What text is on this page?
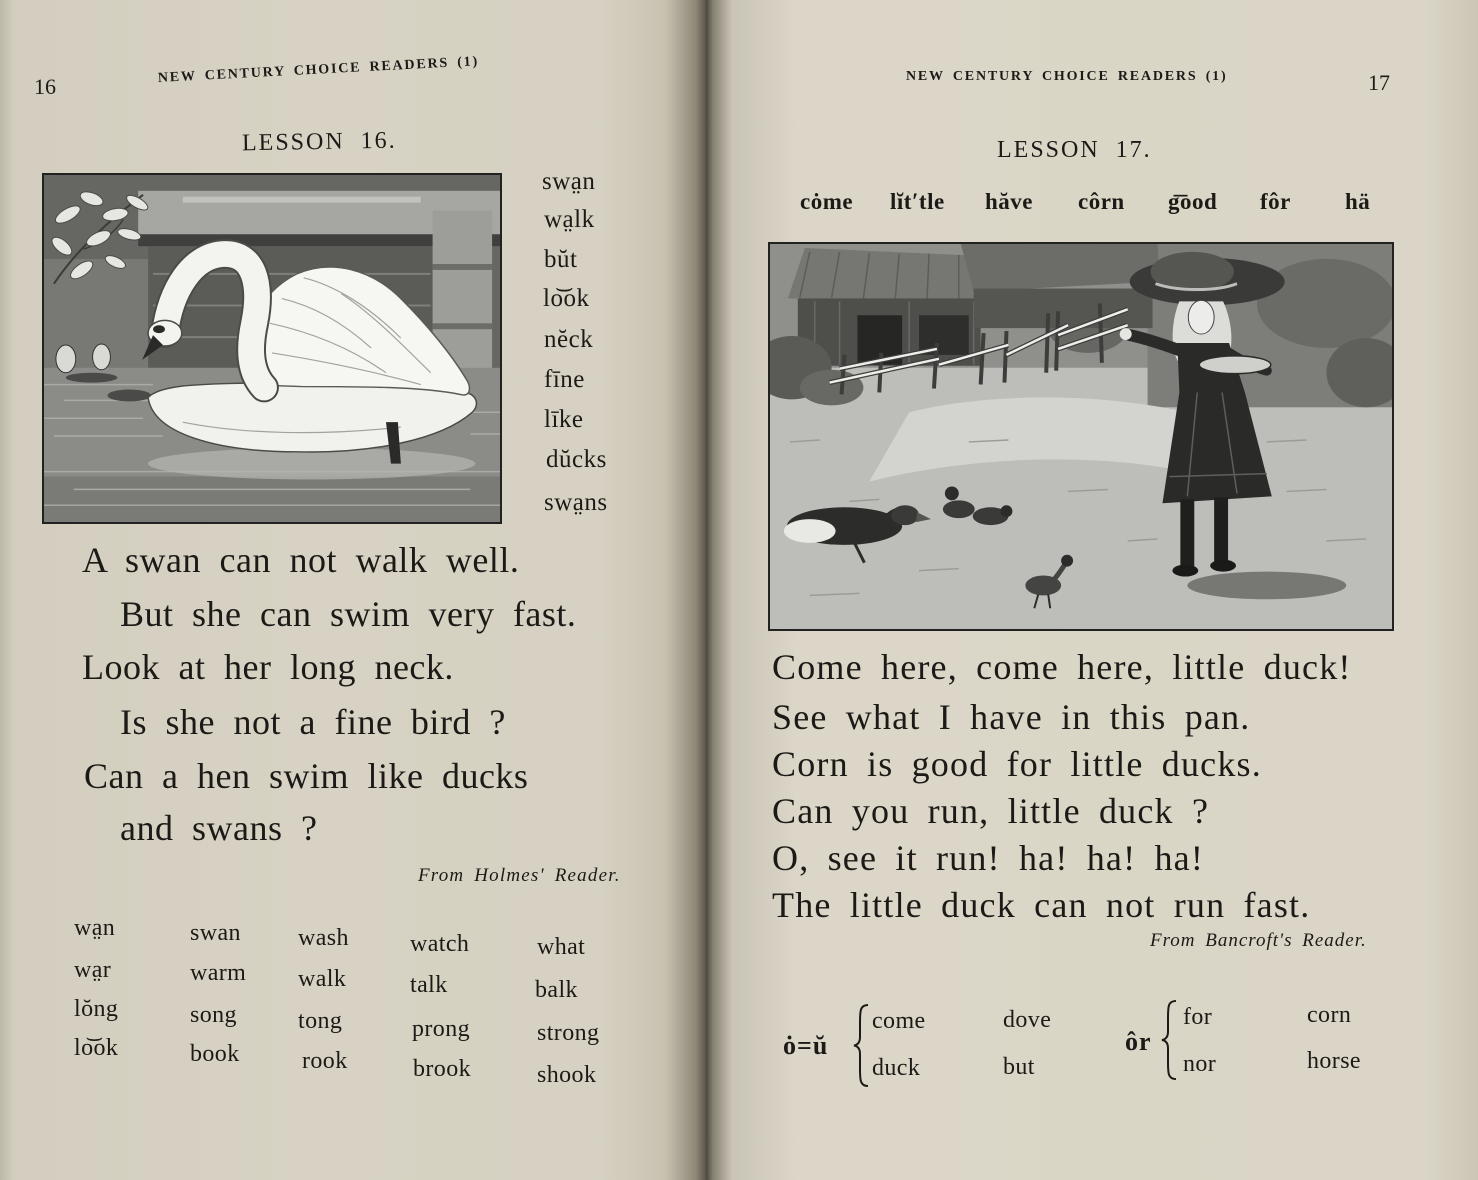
16
NEW CENTURY CHOICE READERS (1)
LESSON 16.
swa̤n
wa̤lk
bŭt
lo͝ok
nĕck
fīne
līke
dŭcks
swa̤ns
A swan can not walk well.
But she can swim very fast.
Look at her long neck.
Is she not a fine bird ?
Can a hen swim like ducks
and swans ?
From Holmes' Reader.
wa̤n
wa̤r
lŏng
lo͝ok
swan
warm
song
book
wash
walk
tong
rook
watch
talk
prong
brook
what
balk
strong
shook
NEW CENTURY CHOICE READERS (1)	17
LESSON 17.
cȯme lĭt′tle hăve côrn g͞ood fôr hä
Come here, come here, little duck!
See what I have in this pan.
Corn is good for little ducks.
Can you run, little duck ?
O, see it run! ha! ha! ha!
The little duck can not run fast.
From Bancroft's Reader.
ȯ=ŭ
come
duck
dove
but
ôr
for
nor
corn
horse
